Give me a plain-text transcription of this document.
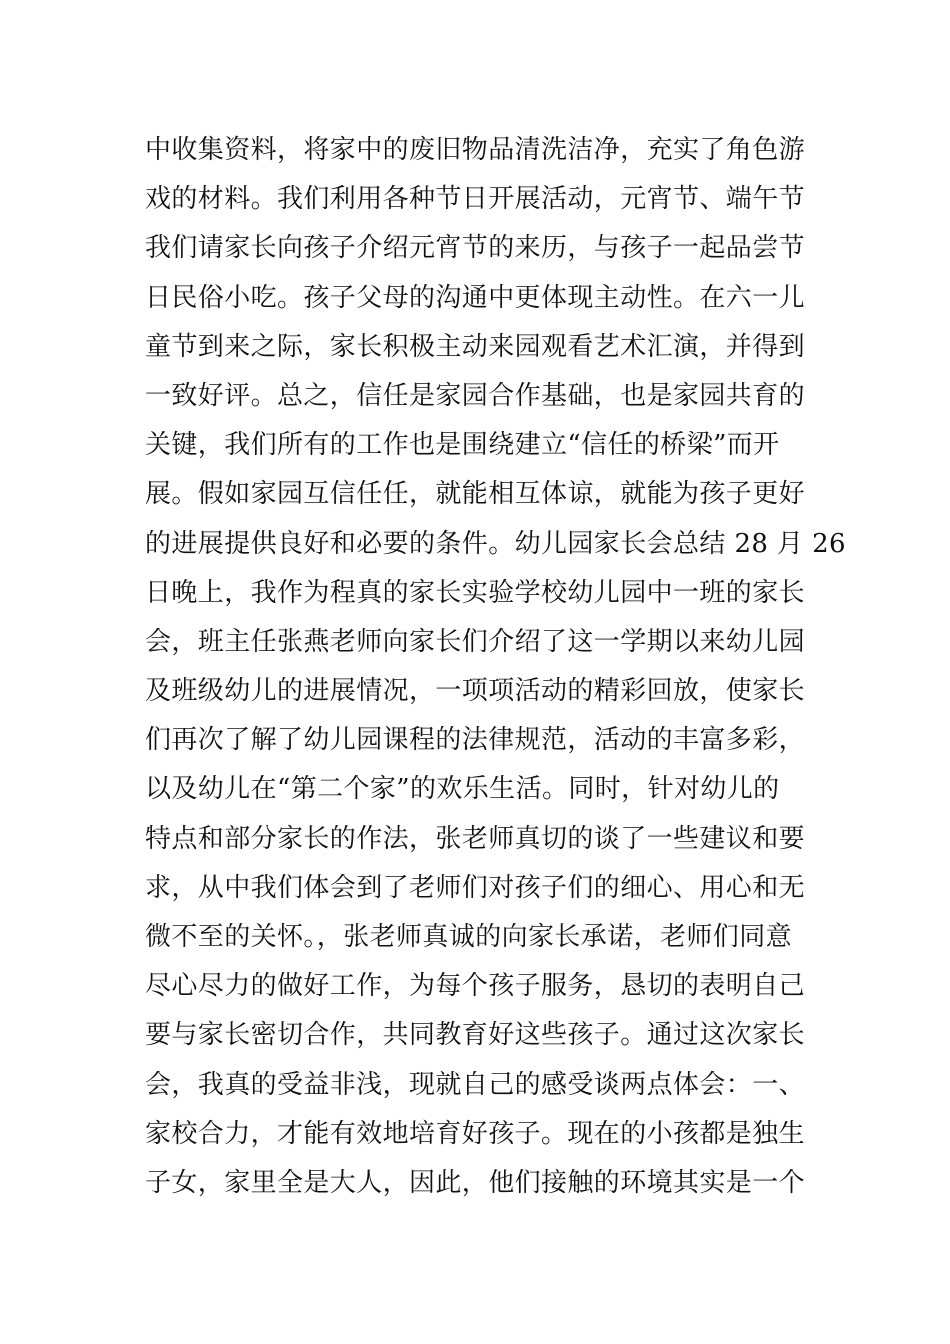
中收集资料，将家中的废旧物品清洗洁净，充实了角色游
戏的材料。我们利用各种节日开展活动，元宵节、端午节
我们请家长向孩子介绍元宵节的来历，与孩子一起品尝节
日民俗小吃。孩子父母的沟通中更体现主动性。在六一儿
童节到来之际，家长积极主动来园观看艺术汇演，并得到
一致好评。总之，信任是家园合作基础，也是家园共育的
关键，我们所有的工作也是围绕建立“信任的桥梁”而开
展。假如家园互信任任，就能相互体谅，就能为孩子更好
的进展提供良好和必要的条件。幼儿园家长会总结 28 月 26
日晚上，我作为程真的家长实验学校幼儿园中一班的家长
会，班主任张燕老师向家长们介绍了这一学期以来幼儿园
及班级幼儿的进展情况，一项项活动的精彩回放，使家长
们再次了解了幼儿园课程的法律规范，活动的丰富多彩，
以及幼儿在“第二个家”的欢乐生活。同时，针对幼儿的
特点和部分家长的作法，张老师真切的谈了一些建议和要
求，从中我们体会到了老师们对孩子们的细心、用心和无
微不至的关怀。，张老师真诚的向家长承诺，老师们同意
尽心尽力的做好工作，为每个孩子服务，恳切的表明自己
要与家长密切合作，共同教育好这些孩子。通过这次家长
会，我真的受益非浅，现就自己的感受谈两点体会：一、
家校合力，才能有效地培育好孩子。现在的小孩都是独生
子女，家里全是大人，因此，他们接触的环境其实是一个
